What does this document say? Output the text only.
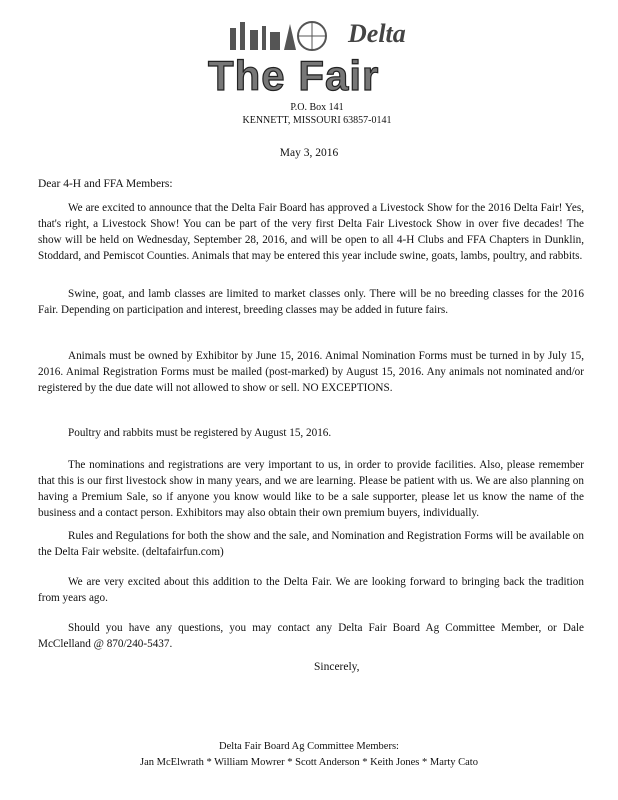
Delta
The Fair
P.O. Box 141
KENNETT, MISSOURI 63857-0141
May 3, 2016
Dear 4-H and FFA Members:

We are excited to announce that the Delta Fair Board has approved a Livestock Show for the 2016 Delta Fair! Yes, that's right, a Livestock Show! You can be part of the very first Delta Fair Livestock Show in over five decades! The show will be held on Wednesday, September 28, 2016, and will be open to all 4-H Clubs and FFA Chapters in Dunklin, Stoddard, and Pemiscot Counties. Animals that may be entered this year include swine, goats, lambs, poultry, and rabbits.

Swine, goat, and lamb classes are limited to market classes only. There will be no breeding classes for the 2016 Fair. Depending on participation and interest, breeding classes may be added in future fairs.

Animals must be owned by Exhibitor by June 15, 2016. Animal Nomination Forms must be turned in by July 15, 2016. Animal Registration Forms must be mailed (post-marked) by August 15, 2016. Any animals not nominated and/or registered by the due date will not allowed to show or sell. NO EXCEPTIONS.

Poultry and rabbits must be registered by August 15, 2016.

The nominations and registrations are very important to us, in order to provide facilities. Also, please remember that this is our first livestock show in many years, and we are learning. Please be patient with us. We are also planning on having a Premium Sale, so if anyone you know would like to be a sale supporter, please let us know the name of the business and a contact person. Exhibitors may also obtain their own premium buyers, individually.

Rules and Regulations for both the show and the sale, and Nomination and Registration Forms will be available on the Delta Fair website. (deltafairfun.com)

We are very excited about this addition to the Delta Fair. We are looking forward to bringing back the tradition from years ago.

Should you have any questions, you may contact any Delta Fair Board Ag Committee Member, or Dale McClelland @ 870/240-5437.

Sincerely,
Delta Fair Board Ag Committee Members:
Jan McElwrath * William Mowrer * Scott Anderson * Keith Jones * Marty Cato
